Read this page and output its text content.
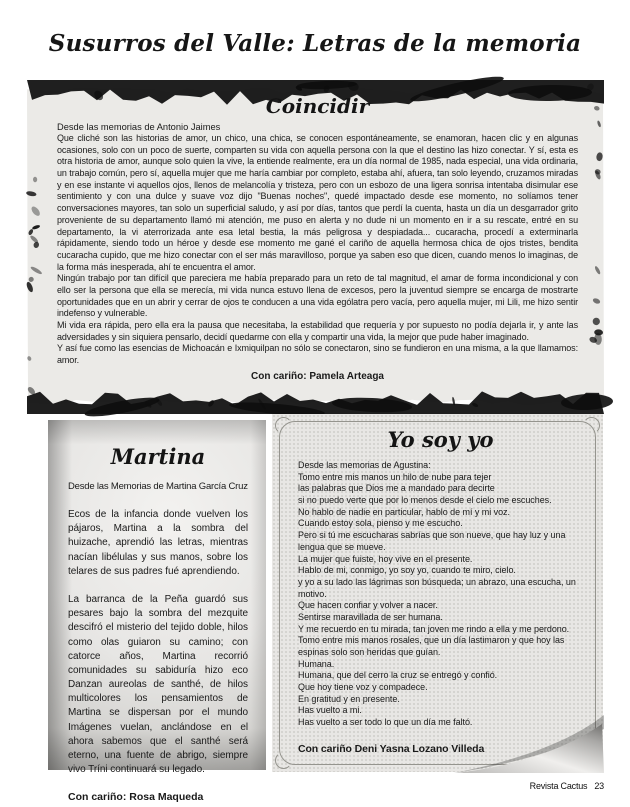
Susurros del Valle: Letras de la memoria
Coincidir
Desde las memorias de Antonio Jaimes

Que cliché son las historias de amor, un chico, una chica, se conocen espontáneamente, se enamoran, hacen clic y en algunas ocasiones, solo con un poco de suerte, comparten su vida con aquella persona con la que el destino las hizo conectar. Y sí, esta es otra historia de amor, aunque solo quien la vive, la entiende realmente, era un día normal de 1985, nada especial, una vida ordinaria, un trabajo común, pero sí, aquella mujer que me haría cambiar por completo, estaba ahí, afuera, tan solo leyendo, cruzamos miradas y en ese instante vi aquellos ojos, llenos de melancolía y tristeza, pero con un esbozo de una ligera sonrisa intentaba disimular ese sentimiento y con una dulce y suave voz dijo "Buenas noches", quedé impactado desde ese momento, no solíamos tener conversaciones mayores, tan solo un superficial saludo, y así por días, tantos que perdí la cuenta, hasta un día un desgarrador grito proveniente de su departamento llamó mi atención, me puso en alerta y no dude ni un momento en ir a su rescate, entré en su departamento, la vi aterrorizada ante esa letal bestia, la más peligrosa y despiadada... cucaracha, procedí a exterminarla rápidamente, siendo todo un héroe y desde ese momento me gané el cariño de aquella hermosa chica de ojos tristes, bendita cucaracha cupido, que me hizo conectar con el ser más maravilloso, porque ya saben eso que dicen, cuando menos lo imaginas, de la forma más inesperada, ahí te encuentra el amor.

Ningún trabajo por tan difícil que pareciera me había preparado para un reto de tal magnitud, el amar de forma incondicional y con ello ser la persona que ella se merecía, mi vida nunca estuvo llena de excesos, pero la juventud siempre se encarga de mostrarte oportunidades que en un abrir y cerrar de ojos te conducen a una vida ególatra pero vacía, pero aquella mujer, mi Lili, me hizo sentir indefenso y vulnerable.

Mi vida era rápida, pero ella era la pausa que necesitaba, la estabilidad que requería y por supuesto no podía dejarla ir, y ante las adversidades y sin siquiera pensarlo, decidí quedarme con ella y compartir una vida, la mejor que pude haber imaginado.

Y así fue como las esencias de Michoacán e Ixmiquilpan no sólo se conectaron, sino se fundieron en una misma, a la que llamamos: amor.

Con cariño: Pamela Arteaga
Martina
Desde las Memorias de Martina García Cruz

Ecos de la infancia donde vuelven los pájaros, Martina a la sombra del huizache, aprendió las letras, mientras nacían libélulas y sus manos, sobre los telares de sus padres fué aprendiendo.

La barranca de la Peña guardó sus pesares bajo la sombra del mezquite descifró el misterio del tejido doble, hilos como olas guiaron su camino; con catorce años, Martina recorrió comunidades su sabiduría hizo eco Danzan aureolas de santhé, de hilos multicolores los pensamientos de Martina se dispersan por el mundo Imágenes vuelan, anclándose en el ahora sabemos que el santhé será eterno, una fuente de abrigo, siempre vivo Tríni continuará su legado.

Con cariño: Rosa Maqueda
Yo soy yo
Desde las memorias de Agustina:
Tomo entre mis manos un hilo de nube para tejer
las palabras que Dios me a mandado para decirte
si no puedo verte que por lo menos desde el cielo me escuches.
No hablo de nadie en particular, hablo de mí y mi voz.
Cuando estoy sola, pienso y me escucho.
Pero si tú me escucharas sabrías que son nueve, que hay luz y una lengua que se mueve.
La mujer que fuiste, hoy vive en el presente.
Hablo de mi, conmigo, yo soy yo, cuando te miro, cielo.
y yo a su lado las lágrimas son búsqueda; un abrazo, una escucha, un motivo.
Que hacen confiar y volver a nacer.
Sentirse maravillada de ser humana.
Y me recuerdo en tu mirada, tan joven me rindo a ella y me perdono.
Tomo entre mis manos rosales, que un día lastimaron y que hoy las espinas solo son heridas que guían.
Humana.
Humana, que del cerro la cruz se entregó y confió.
Que hoy tiene voz y compadece.
En gratitud y en presente.
Has vuelto a mi.
Has vuelto a ser todo lo que un día me faltó.
Con cariño Deni Yasna Lozano Villeda
Revista Cactus 23
